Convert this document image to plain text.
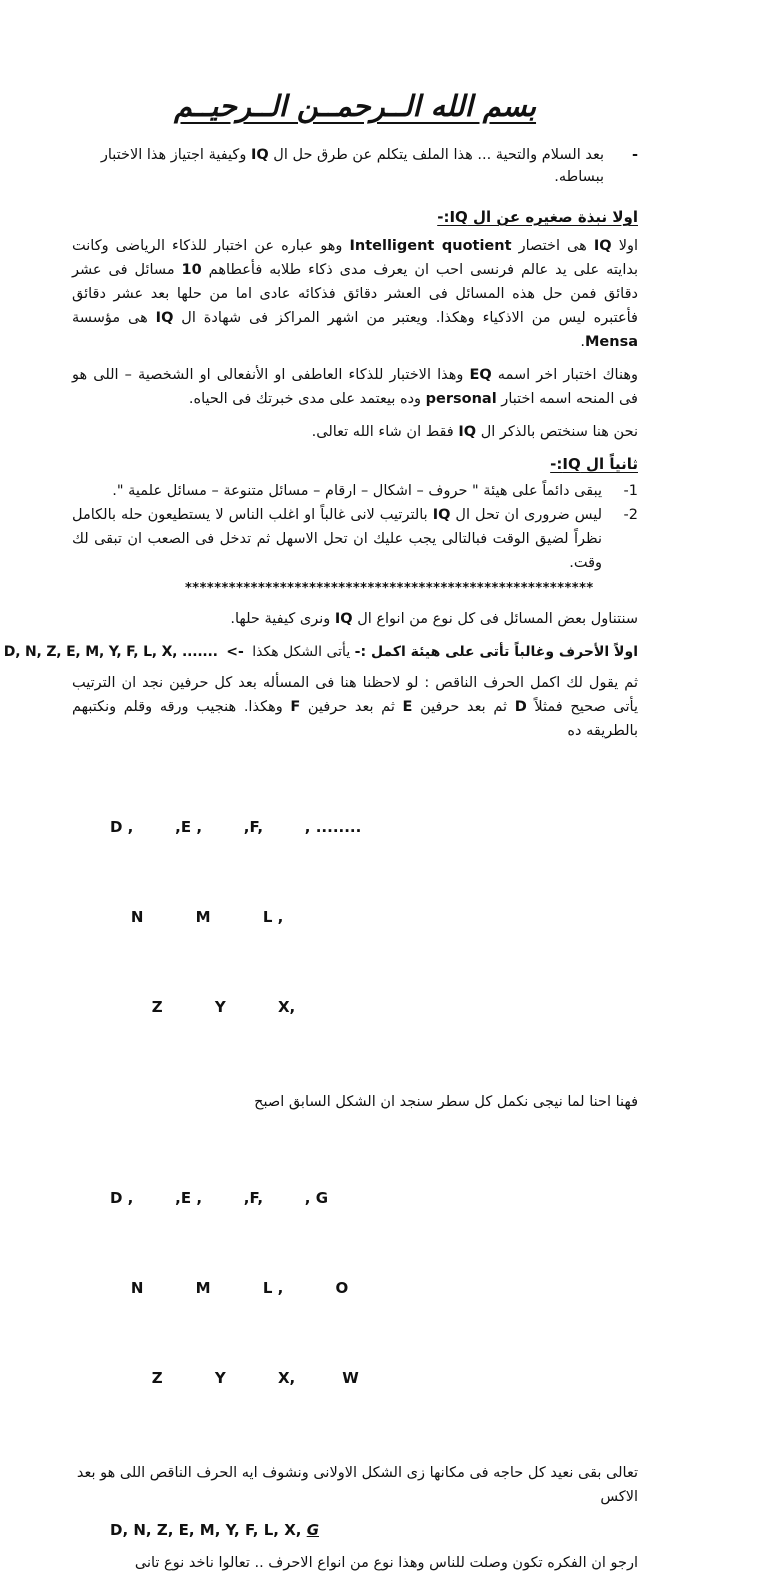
بسم الله الــرحمــن الــرحيــم
-
بعد السلام والتحية ... هذا الملف يتكلم عن طرق حل ال IQ وكيفية اجتياز هذا الاختبار ببساطه.
اولا نبذة صغيره عن ال IQ:-

اولا IQ هى اختصار Intelligent quotient وهو عباره عن اختبار للذكاء الرياضى وكانت بدايته على يد عالم فرنسى احب ان يعرف مدى ذكاء طلابه فأعطاهم 10 مسائل فى عشر دقائق فمن حل هذه المسائل فى العشر دقائق فذكائه عادى اما من حلها بعد عشر دقائق فأعتبره ليس من الاذكياء وهكذا. ويعتبر من اشهر المراكز فى شهادة ال IQ هى مؤسسة Mensa.

وهناك اختبار اخر اسمه EQ وهذا الاختبار للذكاء العاطفى او الأنفعالى او الشخصية – اللى هو فى المنحه اسمه اختبار personal وده بيعتمد على مدى خبرتك فى الحياه.

نحن هنا سنختص بالذكر ال IQ فقط ان شاء الله تعالى.

ثانياً ال IQ:-
1-
يبقى دائماً على هيئة " حروف – اشكال – ارقام – مسائل متنوعة – مسائل علمية ".
2-
ليس ضرورى ان تحل ال IQ بالترتيب لانى غالباً او اغلب الناس لا يستطيعون حله بالكامل نظراً لضيق الوقت فبالتالى يجب عليك ان تحل الاسهل ثم تدخل فى الصعب ان تبقى لك وقت.
********************************************************

سنتناول بعض المسائل فى كل نوع من انواع ال IQ ونرى كيفية حلها.

اولاً الأحرف وغالباً تأتى على هيئة اكمل :- يأتى الشكل هكذا <- D, N, Z, E, M, Y, F, L, X, .......

ثم يقول لك اكمل الحرف الناقص : لو لاحظنا هنا فى المسأله بعد كل حرفين نجد ان الترتيب يأتى صحيح فمثلاً D ثم بعد حرفين E ثم بعد حرفين F وهكذا. هنجيب ورقه وقلم ونكتبهم بالطريقه ده

D ,        ,E ,        ,F,        , ........

N          M          L ,

Z          Y          X,

فهنا احنا لما نيجى نكمل كل سطر سنجد ان الشكل السابق اصبح

D ,        ,E ,        ,F,        , G

N          M          L ,          O

Z          Y          X,         W

تعالى بقى نعيد كل حاجه فى مكانها زى الشكل الاولانى ونشوف ايه الحرف الناقص اللى هو بعد الاكس

D, N, Z, E, M, Y, F, L, X, G

ارجو ان الفكره تكون وصلت للناس وهذا نوع من انواع الاحرف .. تعالوا ناخد نوع تانى
